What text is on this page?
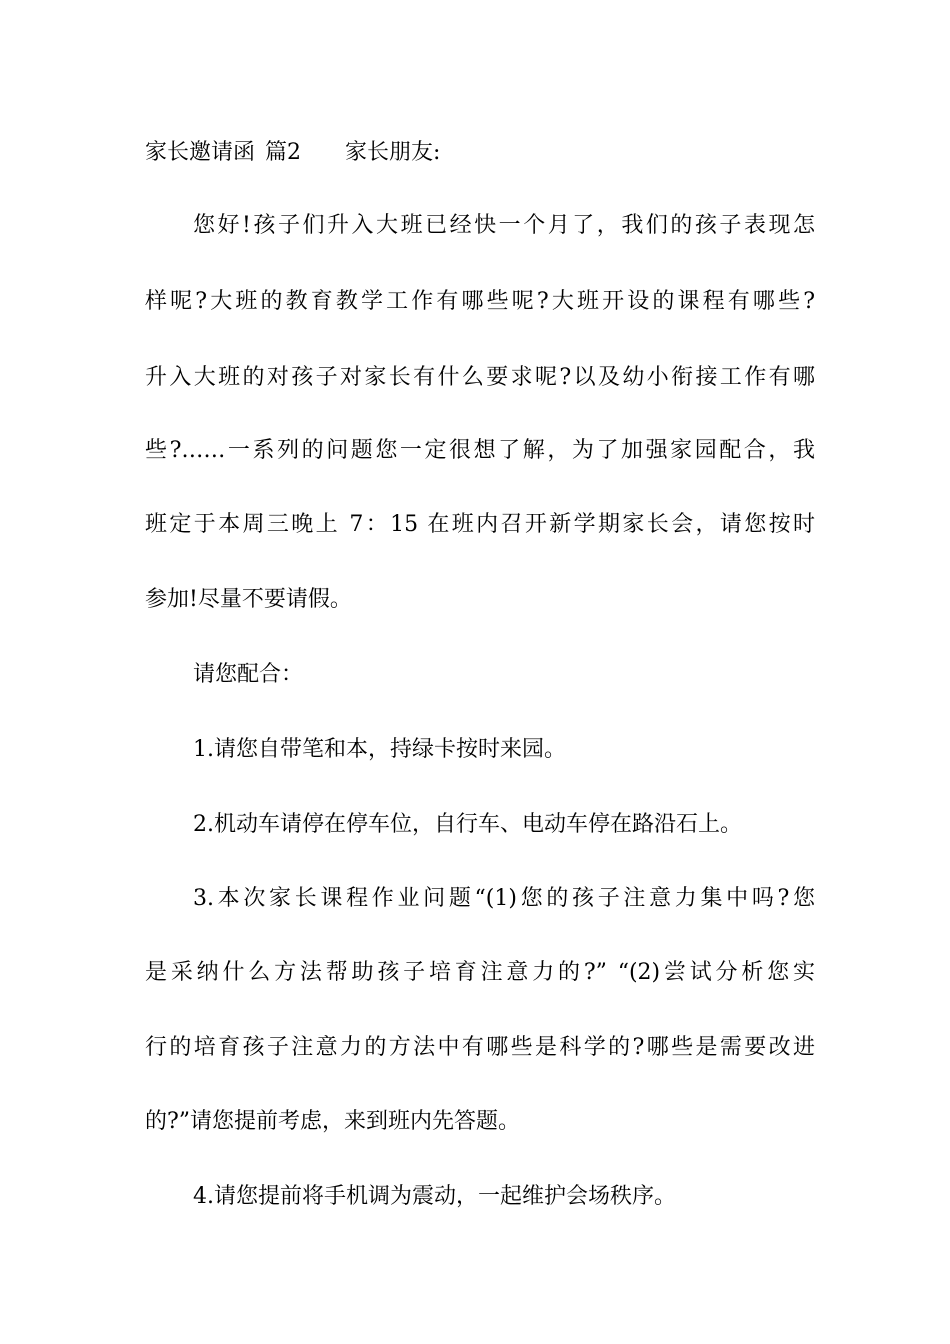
家长邀请函 篇2 家长朋友:
您好!孩子们升入大班已经快一个月了，我们的孩子表现怎
样呢?大班的教育教学工作有哪些呢?大班开设的课程有哪些?
升入大班的对孩子对家长有什么要求呢?以及幼小衔接工作有哪
些?……一系列的问题您一定很想了解，为了加强家园配合，我
班定于本周三晚上 7：15 在班内召开新学期家长会，请您按时
参加!尽量不要请假。
请您配合：
1.请您自带笔和本，持绿卡按时来园。
2.机动车请停在停车位，自行车、电动车停在路沿石上。
3.本次家长课程作业问题“(1)您的孩子注意力集中吗?您
是采纳什么方法帮助孩子培育注意力的?” “(2)尝试分析您实
行的培育孩子注意力的方法中有哪些是科学的?哪些是需要改进
的?”请您提前考虑，来到班内先答题。
4.请您提前将手机调为震动，一起维护会场秩序。
